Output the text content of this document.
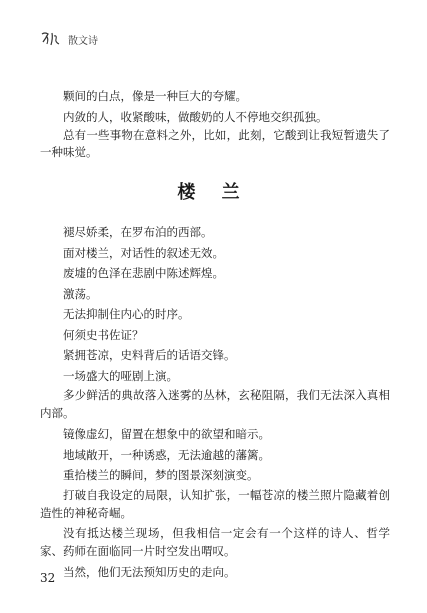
散文诗

颗间的白点，像是一种巨大的夸耀。

内敛的人，收紧酸味，做酸奶的人不停地交织孤独。

总有一些事物在意料之外，比如，此刻，它酸到让我短暂遗失了一种味觉。

楼 兰

褪尽娇柔，在罗布泊的西部。

面对楼兰，对话性的叙述无效。

废墟的色泽在悲剧中陈述辉煌。

激荡。

无法抑制住内心的时序。

何须史书佐证？

紧拥苍凉，史料背后的话语交锋。

一场盛大的哑剧上演。

多少鲜活的典故落入迷雾的丛林，玄秘阻隔，我们无法深入真相内部。

镜像虚幻，留置在想象中的欲望和暗示。

地域敞开，一种诱惑，无法逾越的藩篱。

重拾楼兰的瞬间，梦的图景深刻演变。

打破自我设定的局限，认知扩张，一幅苍凉的楼兰照片隐藏着创造性的神秘奇崛。

没有抵达楼兰现场，但我相信一定会有一个这样的诗人、哲学家、药师在面临同一片时空发出喟叹。

当然，他们无法预知历史的走向。

32
